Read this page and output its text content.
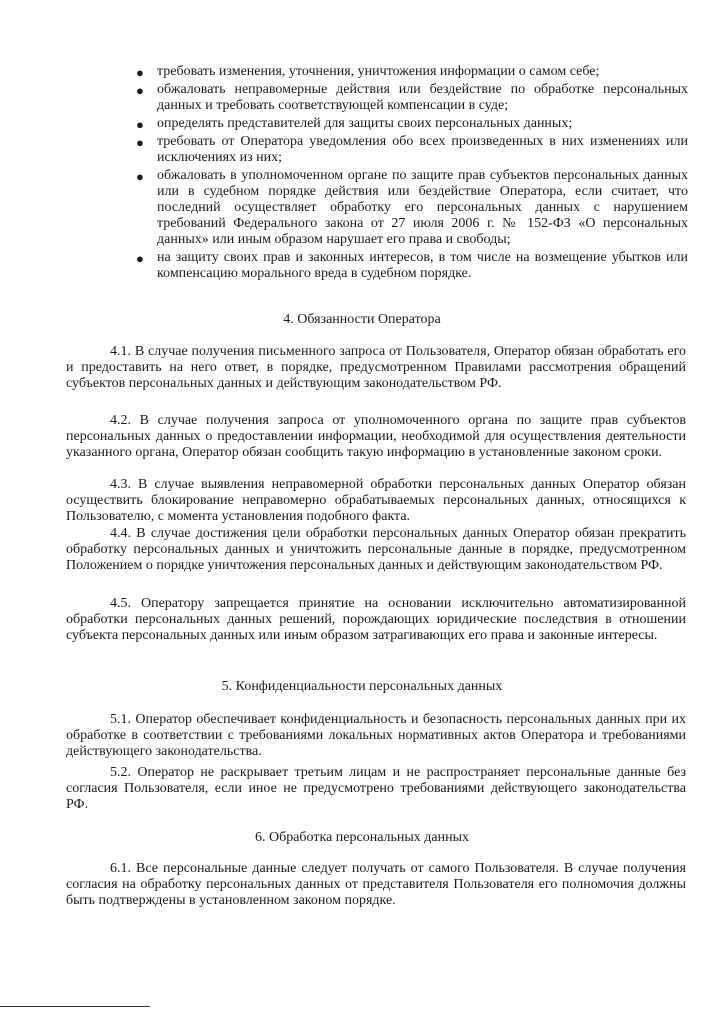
● требовать изменения, уточнения, уничтожения информации о самом себе;
● обжаловать неправомерные действия или бездействие по обработке персональных данных и требовать соответствующей компенсации в суде;
● определять представителей для защиты своих персональных данных;
● требовать от Оператора уведомления обо всех произведенных в них изменениях или исключениях из них;
● обжаловать в уполномоченном органе по защите прав субъектов персональных данных или в судебном порядке действия или бездействие Оператора, если считает, что последний осуществляет обработку его персональных данных с нарушением требований Федерального закона от 27 июля 2006 г. № 152-ФЗ «О персональных данных» или иным образом нарушает его права и свободы;
● на защиту своих прав и законных интересов, в том числе на возмещение убытков или компенсацию морального вреда в судебном порядке.
4. Обязанности Оператора

4.1. В случае получения письменного запроса от Пользователя, Оператор обязан обработать его и предоставить на него ответ, в порядке, предусмотренном Правилами рассмотрения обращений субъектов персональных данных и действующим законодательством РФ.

4.2. В случае получения запроса от уполномоченного органа по защите прав субъектов персональных данных о предоставлении информации, необходимой для осуществления деятельности указанного органа, Оператор обязан сообщить такую информацию в установленные законом сроки.

4.3. В случае выявления неправомерной обработки персональных данных Оператор обязан осуществить блокирование неправомерно обрабатываемых персональных данных, относящихся к Пользователю, с момента установления подобного факта.

4.4. В случае достижения цели обработки персональных данных Оператор обязан прекратить обработку персональных данных и уничтожить персональные данные в порядке, предусмотренном Положением о порядке уничтожения персональных данных и действующим законодательством РФ.

4.5. Оператору запрещается принятие на основании исключительно автоматизированной обработки персональных данных решений, порождающих юридические последствия в отношении субъекта персональных данных или иным образом затрагивающих его права и законные интересы.

5. Конфиденциальности персональных данных

5.1. Оператор обеспечивает конфиденциальность и безопасность персональных данных при их обработке в соответствии с требованиями локальных нормативных актов Оператора и требованиями действующего законодательства.

5.2. Оператор не раскрывает третьим лицам и не распространяет персональные данные без согласия Пользователя, если иное не предусмотрено требованиями действующего законодательства РФ.

6. Обработка персональных данных

6.1. Все персональные данные следует получать от самого Пользователя. В случае получения согласия на обработку персональных данных от представителя Пользователя его полномочия должны быть подтверждены в установленном законом порядке.
